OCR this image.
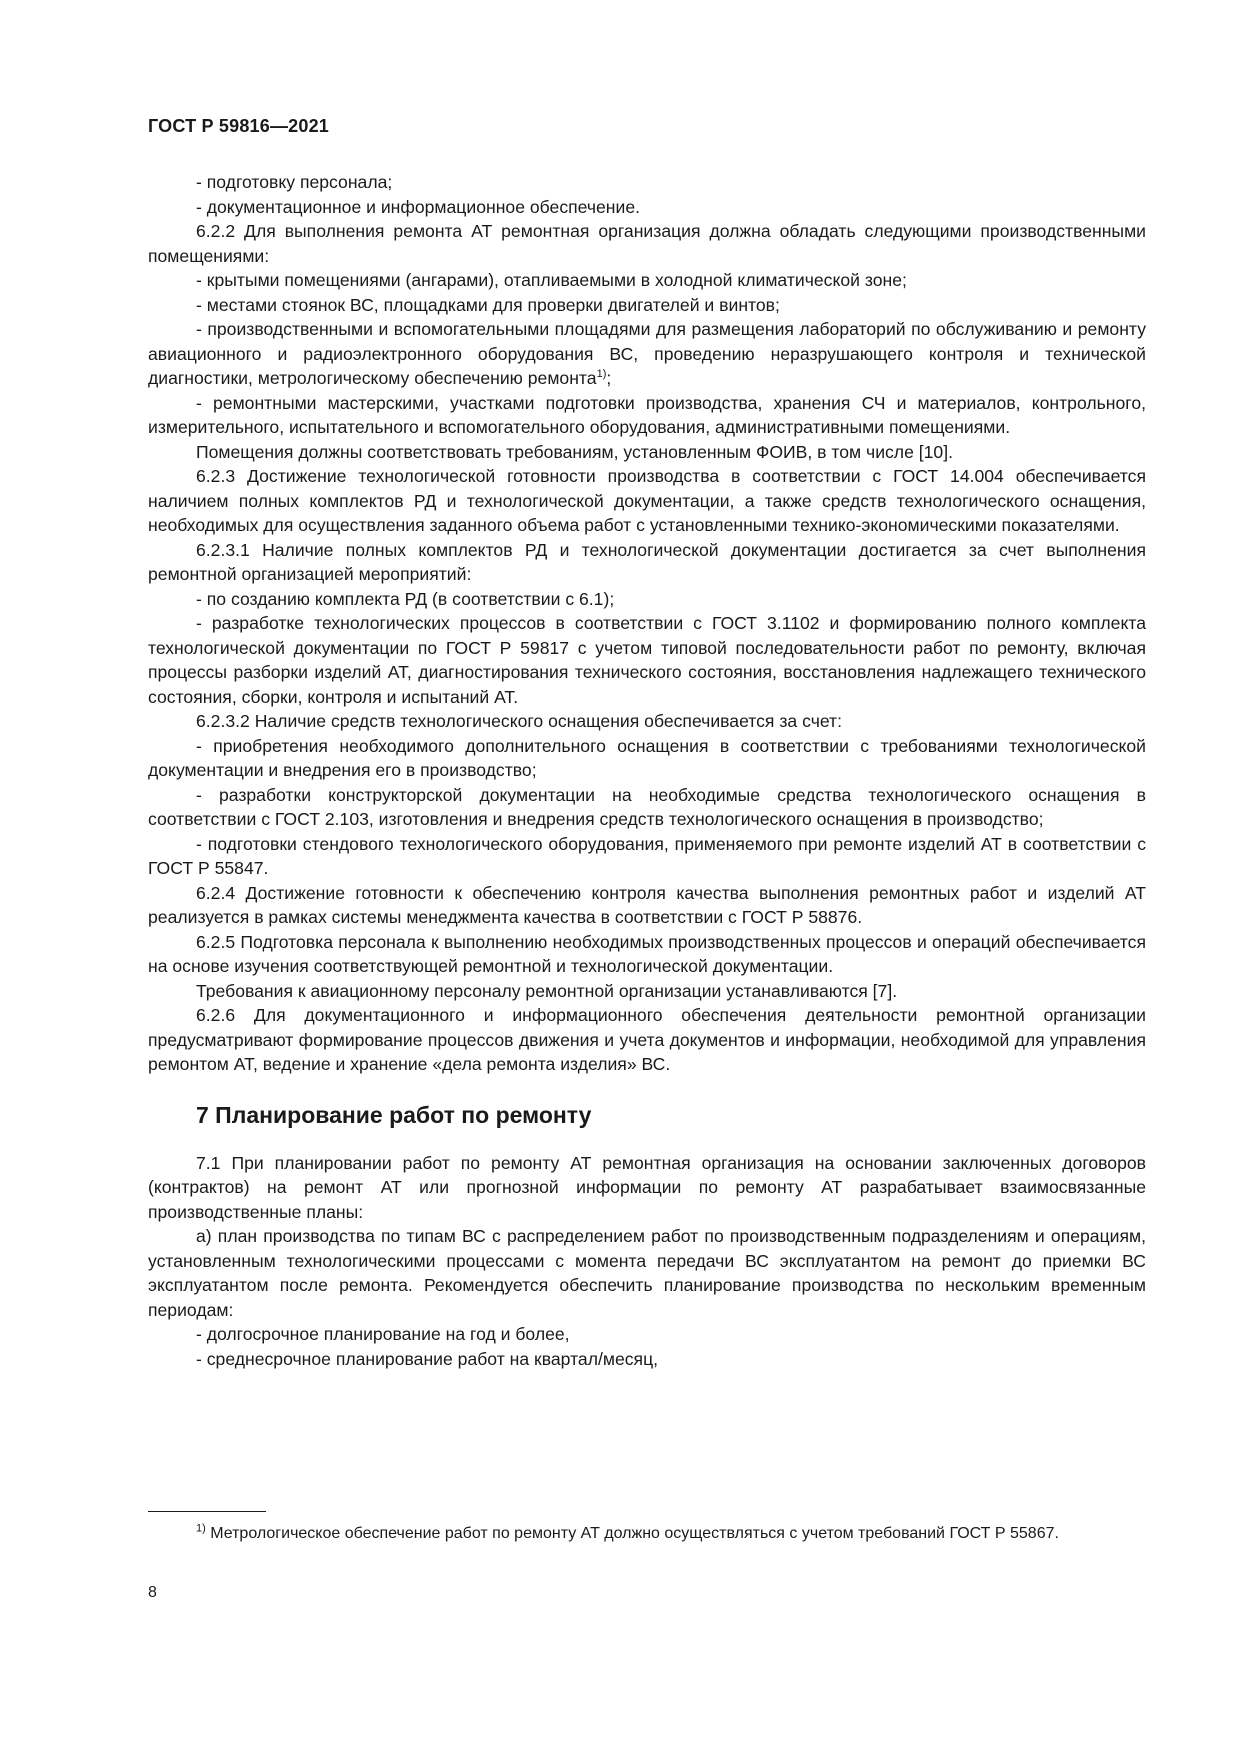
ГОСТ Р 59816—2021

- подготовку персонала;

- документационное и информационное обеспечение.

6.2.2 Для выполнения ремонта АТ ремонтная организация должна обладать следующими производственными помещениями:

- крытыми помещениями (ангарами), отапливаемыми в холодной климатической зоне;

- местами стоянок ВС, площадками для проверки двигателей и винтов;

- производственными и вспомогательными площадями для размещения лабораторий по обслуживанию и ремонту авиационного и радиоэлектронного оборудования ВС, проведению неразрушающего контроля и технической диагностики, метрологическому обеспечению ремонта$^{1)}$;

- ремонтными мастерскими, участками подготовки производства, хранения СЧ и материалов, контрольного, измерительного, испытательного и вспомогательного оборудования, административными помещениями.

Помещения должны соответствовать требованиям, установленным ФОИВ, в том числе [10].

6.2.3 Достижение технологической готовности производства в соответствии с ГОСТ 14.004 обеспечивается наличием полных комплектов РД и технологической документации, а также средств технологического оснащения, необходимых для осуществления заданного объема работ с установленными технико-экономическими показателями.

6.2.3.1 Наличие полных комплектов РД и технологической документации достигается за счет выполнения ремонтной организацией мероприятий:

- по созданию комплекта РД (в соответствии с 6.1);

- разработке технологических процессов в соответствии с ГОСТ 3.1102 и формированию полного комплекта технологической документации по ГОСТ Р 59817 с учетом типовой последовательности работ по ремонту, включая процессы разборки изделий АТ, диагностирования технического состояния, восстановления надлежащего технического состояния, сборки, контроля и испытаний АТ.

6.2.3.2 Наличие средств технологического оснащения обеспечивается за счет:

- приобретения необходимого дополнительного оснащения в соответствии с требованиями технологической документации и внедрения его в производство;

- разработки конструкторской документации на необходимые средства технологического оснащения в соответствии с ГОСТ 2.103, изготовления и внедрения средств технологического оснащения в производство;

- подготовки стендового технологического оборудования, применяемого при ремонте изделий АТ в соответствии с ГОСТ Р 55847.

6.2.4 Достижение готовности к обеспечению контроля качества выполнения ремонтных работ и изделий АТ реализуется в рамках системы менеджмента качества в соответствии с ГОСТ Р 58876.

6.2.5 Подготовка персонала к выполнению необходимых производственных процессов и операций обеспечивается на основе изучения соответствующей ремонтной и технологической документации.

Требования к авиационному персоналу ремонтной организации устанавливаются [7].

6.2.6 Для документационного и информационного обеспечения деятельности ремонтной организации предусматривают формирование процессов движения и учета документов и информации, необходимой для управления ремонтом АТ, ведение и хранение «дела ремонта изделия» ВС.

7 Планирование работ по ремонту

7.1 При планировании работ по ремонту АТ ремонтная организация на основании заключенных договоров (контрактов) на ремонт АТ или прогнозной информации по ремонту АТ разрабатывает взаимосвязанные производственные планы:

а) план производства по типам ВС с распределением работ по производственным подразделениям и операциям, установленным технологическими процессами с момента передачи ВС эксплуатантом на ремонт до приемки ВС эксплуатантом после ремонта. Рекомендуется обеспечить планирование производства по нескольким временным периодам:

- долгосрочное планирование на год и более,

- среднесрочное планирование работ на квартал/месяц,

$^{1)}$ Метрологическое обеспечение работ по ремонту АТ должно осуществляться с учетом требований ГОСТ Р 55867.
8
